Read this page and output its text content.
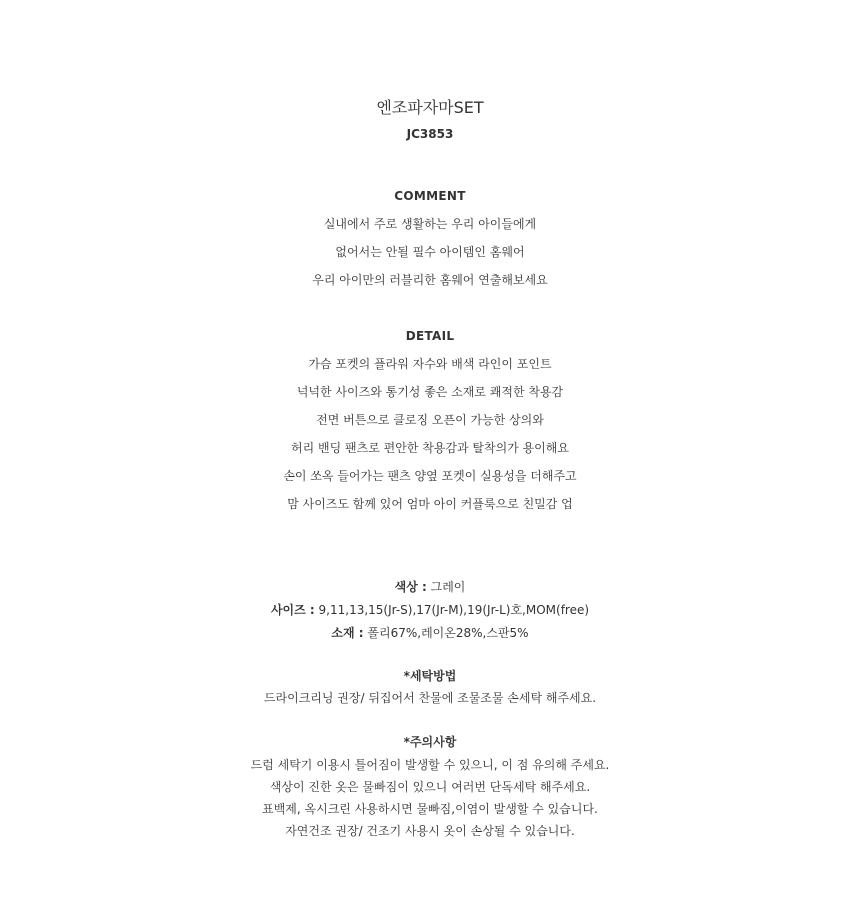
엔조파자마SET
JC3853
COMMENT
실내에서 주로 생활하는 우리 아이들에게
없어서는 안될 필수 아이템인 홈웨어
우리 아이만의 러블리한 홈웨어 연출해보세요
DETAIL
가슴 포켓의 플라워 자수와 배색 라인이 포인트
넉넉한 사이즈와 통기성 좋은 소재로 쾌적한 착용감
전면 버튼으로 클로징 오픈이 가능한 상의와
허리 밴딩 팬츠로 편안한 착용감과 탈착의가 용이해요
손이 쏘옥 들어가는 팬츠 양옆 포켓이 실용성을 더해주고
맘 사이즈도 함께 있어 엄마 아이 커플룩으로 친밀감 업
색상 : 그레이
사이즈 : 9,11,13,15(Jr-S),17(Jr-M),19(Jr-L)호,MOM(free)
소재 : 폴리67%,레이온28%,스판5%
*세탁방법
드라이크리닝 권장/ 뒤집어서 찬물에 조물조물 손세탁 해주세요.
*주의사항
드럼 세탁기 이용시 틀어짐이 발생할 수 있으니, 이 점 유의해 주세요.
색상이 진한 옷은 물빠짐이 있으니 여러번 단독세탁 해주세요.
표백제, 옥시크린 사용하시면 물빠짐,이염이 발생할 수 있습니다.
자연건조 권장/ 건조기 사용시 옷이 손상될 수 있습니다.
